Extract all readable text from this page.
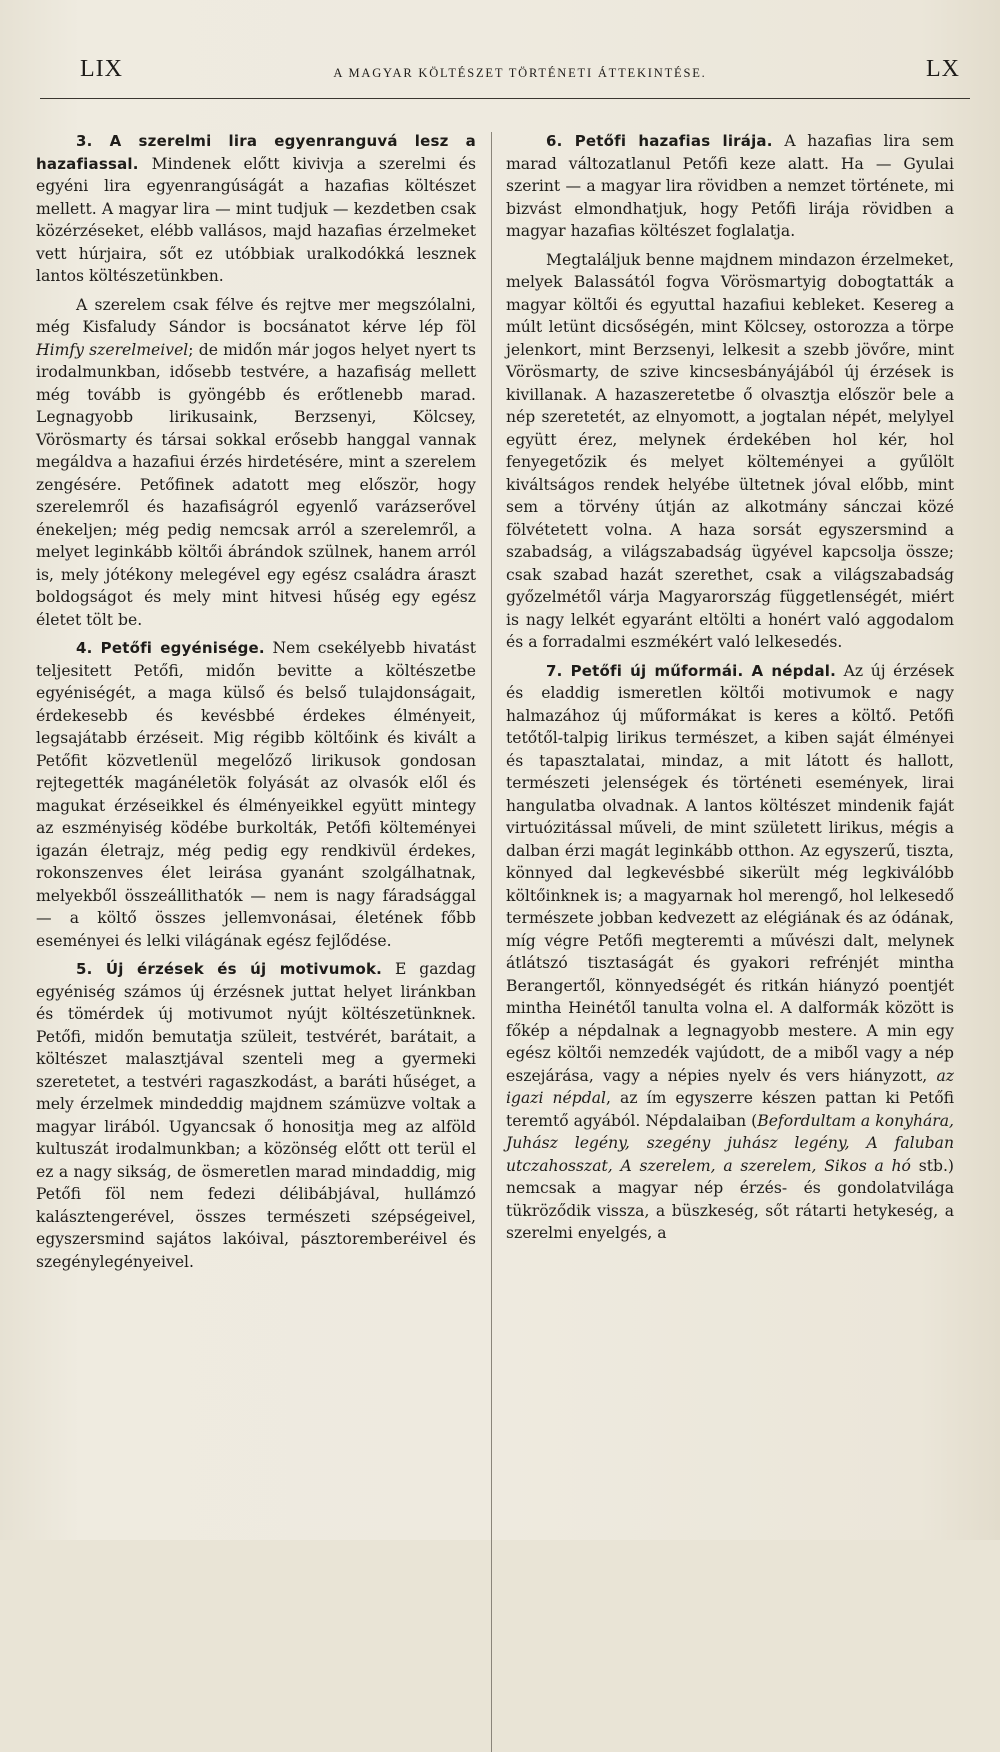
LIX	A MAGYAR KÖLTÉSZET TÖRTÉNETI ÁTTEKINTÉSE.	LX

3. A szerelmi lira egyenranguvá lesz a hazafiassal. Mindenek előtt kivivja a szerelmi és egyéni lira egyenrangúságát a hazafias költészet mellett. A magyar lira — mint tudjuk — kezdetben csak közérzéseket, elébb vallásos, majd hazafias érzelmeket vett húrjaira, sőt ez utóbbiak uralkodókká lesznek lantos költészetünkben.

A szerelem csak félve és rejtve mer megszólalni, még Kisfaludy Sándor is bocsánatot kérve lép föl Himfy szerelmeivel; de midőn már jogos helyet nyert ts irodalmunkban, idősebb testvére, a hazafiság mellett még tovább is gyöngébb és erőtlenebb marad. Legnagyobb lirikusaink, Berzsenyi, Kölcsey, Vörösmarty és társai sokkal erősebb hanggal vannak megáldva a hazafiui érzés hirdetésére, mint a szerelem zengésére. Petőfinek adatott meg először, hogy szerelemről és hazafiságról egyenlő varázserővel énekeljen; még pedig nemcsak arról a szerelemről, a melyet leginkább költői ábrándok szülnek, hanem arról is, mely jótékony melegével egy egész családra áraszt boldogságot és mely mint hitvesi hűség egy egész életet tölt be.

4. Petőfi egyénisége. Nem csekélyebb hivatást teljesitett Petőfi, midőn bevitte a költészetbe egyéniségét, a maga külső és belső tulajdonságait, érdekesebb és kevésbbé érdekes élményeit, legsajátabb érzéseit. Mig régibb költőink és kivált a Petőfit közvetlenül megelőző lirikusok gondosan rejtegették magánéletök folyását az olvasók elől és magukat érzéseikkel és élményeikkel együtt mintegy az eszményiség ködébe burkolták, Petőfi költeményei igazán életrajz, még pedig egy rendkivül érdekes, rokonszenves élet leirása gyanánt szolgálhatnak, melyekből összeállithatók — nem is nagy fáradsággal — a költő összes jellemvonásai, életének főbb eseményei és lelki világának egész fejlődése.

5. Új érzések és új motivumok. E gazdag egyéniség számos új érzésnek juttat helyet liránkban és tömérdek új motivumot nyújt költészetünknek. Petőfi, midőn bemutatja szüleit, testvérét, barátait, a költészet malasztjával szenteli meg a gyermeki szeretetet, a testvéri ragaszkodást, a baráti hűséget, a mely érzelmek mindeddig majdnem számüzve voltak a magyar lirából. Ugyancsak ő honositja meg az alföld kultuszát irodalmunkban; a közönség előtt ott terül el ez a nagy sikság, de ösmeretlen marad mindaddig, mig Petőfi föl nem fedezi délibábjával, hullámzó kalásztengerével, összes természeti szépségeivel, egyszersmind sajátos lakóival, pásztoremberéivel és szegénylegényeivel.

6. Petőfi hazafias lirája. A hazafias lira sem marad változatlanul Petőfi keze alatt. Ha — Gyulai szerint — a magyar lira rövidben a nemzet története, mi bizvást elmondhatjuk, hogy Petőfi lirája rövidben a magyar hazafias költészet foglalatja.

Megtaláljuk benne majdnem mindazon érzelmeket, melyek Balassától fogva Vörösmartyig dobogtatták a magyar költői és egyuttal hazafiui kebleket. Kesereg a múlt letünt dicsőségén, mint Kölcsey, ostorozza a törpe jelenkort, mint Berzsenyi, lelkesit a szebb jövőre, mint Vörösmarty, de szive kincsesbányájából új érzések is kivillanak. A hazaszeretetbe ő olvasztja először bele a nép szeretetét, az elnyomott, a jogtalan népét, melylyel együtt érez, melynek érdekében hol kér, hol fenyegetőzik és melyet költeményei a gyűlölt kiváltságos rendek helyébe ültetnek jóval előbb, mint sem a törvény útján az alkotmány sánczai közé fölvétetett volna. A haza sorsát egyszersmind a szabadság, a világszabadság ügyével kapcsolja össze; csak szabad hazát szerethet, csak a világszabadság győzelmétől várja Magyarország függetlenségét, miért is nagy lelkét egyaránt eltölti a honért való aggodalom és a forradalmi eszmékért való lelkesedés.

7. Petőfi új műformái. A népdal. Az új érzések és eladdig ismeretlen költői motivumok e nagy halmazához új műformákat is keres a költő. Petőfi tetőtől-talpig lirikus természet, a kiben saját élményei és tapasztalatai, mindaz, a mit látott és hallott, természeti jelenségek és történeti események, lirai hangulatba olvadnak. A lantos költészet mindenik faját virtuózitással műveli, de mint született lirikus, mégis a dalban érzi magát leginkább otthon. Az egyszerű, tiszta, könnyed dal legkevésbbé sikerült még legkiválóbb költőinknek is; a magyarnak hol merengő, hol lelkesedő természete jobban kedvezett az elégiának és az ódának, míg végre Petőfi megteremti a művészi dalt, melynek átlátszó tisztaságát és gyakori refrénjét mintha Berangertől, könnyedségét és ritkán hiányzó poentjét mintha Heinétől tanulta volna el. A dalformák között is főkép a népdalnak a legnagyobb mestere. A min egy egész költői nemzedék vajúdott, de a miből vagy a nép eszejárása, vagy a népies nyelv és vers hiányzott, az igazi népdal, az ím egyszerre készen pattan ki Petőfi teremtő agyából. Népdalaiban (Befordultam a konyhára, Juhász legény, szegény juhász legény, A faluban utczahosszat, A szerelem, a szerelem, Sikos a hó stb.) nemcsak a magyar nép érzés- és gondolatvilága tükröződik vissza, a büszkeség, sőt rátarti hetykeség, a szerelmi enyelgés, a
